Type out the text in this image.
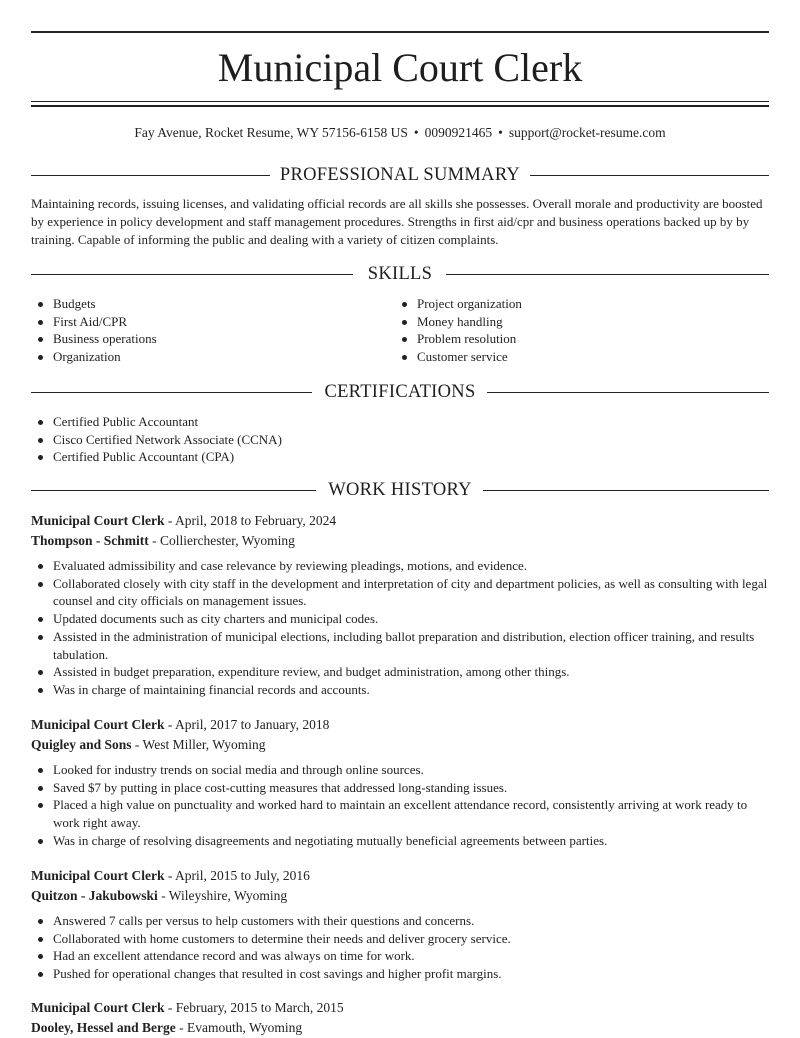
Municipal Court Clerk
Fay Avenue, Rocket Resume, WY 57156-6158 US • 0090921465 • support@rocket-resume.com
PROFESSIONAL SUMMARY

Maintaining records, issuing licenses, and validating official records are all skills she possesses. Overall morale and productivity are boosted by experience in policy development and staff management procedures. Strengths in first aid/cpr and business operations backed up by by training. Capable of informing the public and dealing with a variety of citizen complaints.

SKILLS
Budgets
First Aid/CPR
Business operations
Organization
Project organization
Money handling
Problem resolution
Customer service
CERTIFICATIONS
Certified Public Accountant
Cisco Certified Network Associate (CCNA)
Certified Public Accountant (CPA)
WORK HISTORY
Municipal Court Clerk - April, 2018 to February, 2024
Thompson - Schmitt - Collierchester, Wyoming
Evaluated admissibility and case relevance by reviewing pleadings, motions, and evidence.
Collaborated closely with city staff in the development and interpretation of city and department policies, as well as consulting with legal counsel and city officials on management issues.
Updated documents such as city charters and municipal codes.
Assisted in the administration of municipal elections, including ballot preparation and distribution, election officer training, and results tabulation.
Assisted in budget preparation, expenditure review, and budget administration, among other things.
Was in charge of maintaining financial records and accounts.
Municipal Court Clerk - April, 2017 to January, 2018
Quigley and Sons - West Miller, Wyoming
Looked for industry trends on social media and through online sources.
Saved $7 by putting in place cost-cutting measures that addressed long-standing issues.
Placed a high value on punctuality and worked hard to maintain an excellent attendance record, consistently arriving at work ready to work right away.
Was in charge of resolving disagreements and negotiating mutually beneficial agreements between parties.
Municipal Court Clerk - April, 2015 to July, 2016
Quitzon - Jakubowski - Wileyshire, Wyoming
Answered 7 calls per versus to help customers with their questions and concerns.
Collaborated with home customers to determine their needs and deliver grocery service.
Had an excellent attendance record and was always on time for work.
Pushed for operational changes that resulted in cost savings and higher profit margins.
Municipal Court Clerk - February, 2015 to March, 2015
Dooley, Hessel and Berge - Evamouth, Wyoming
